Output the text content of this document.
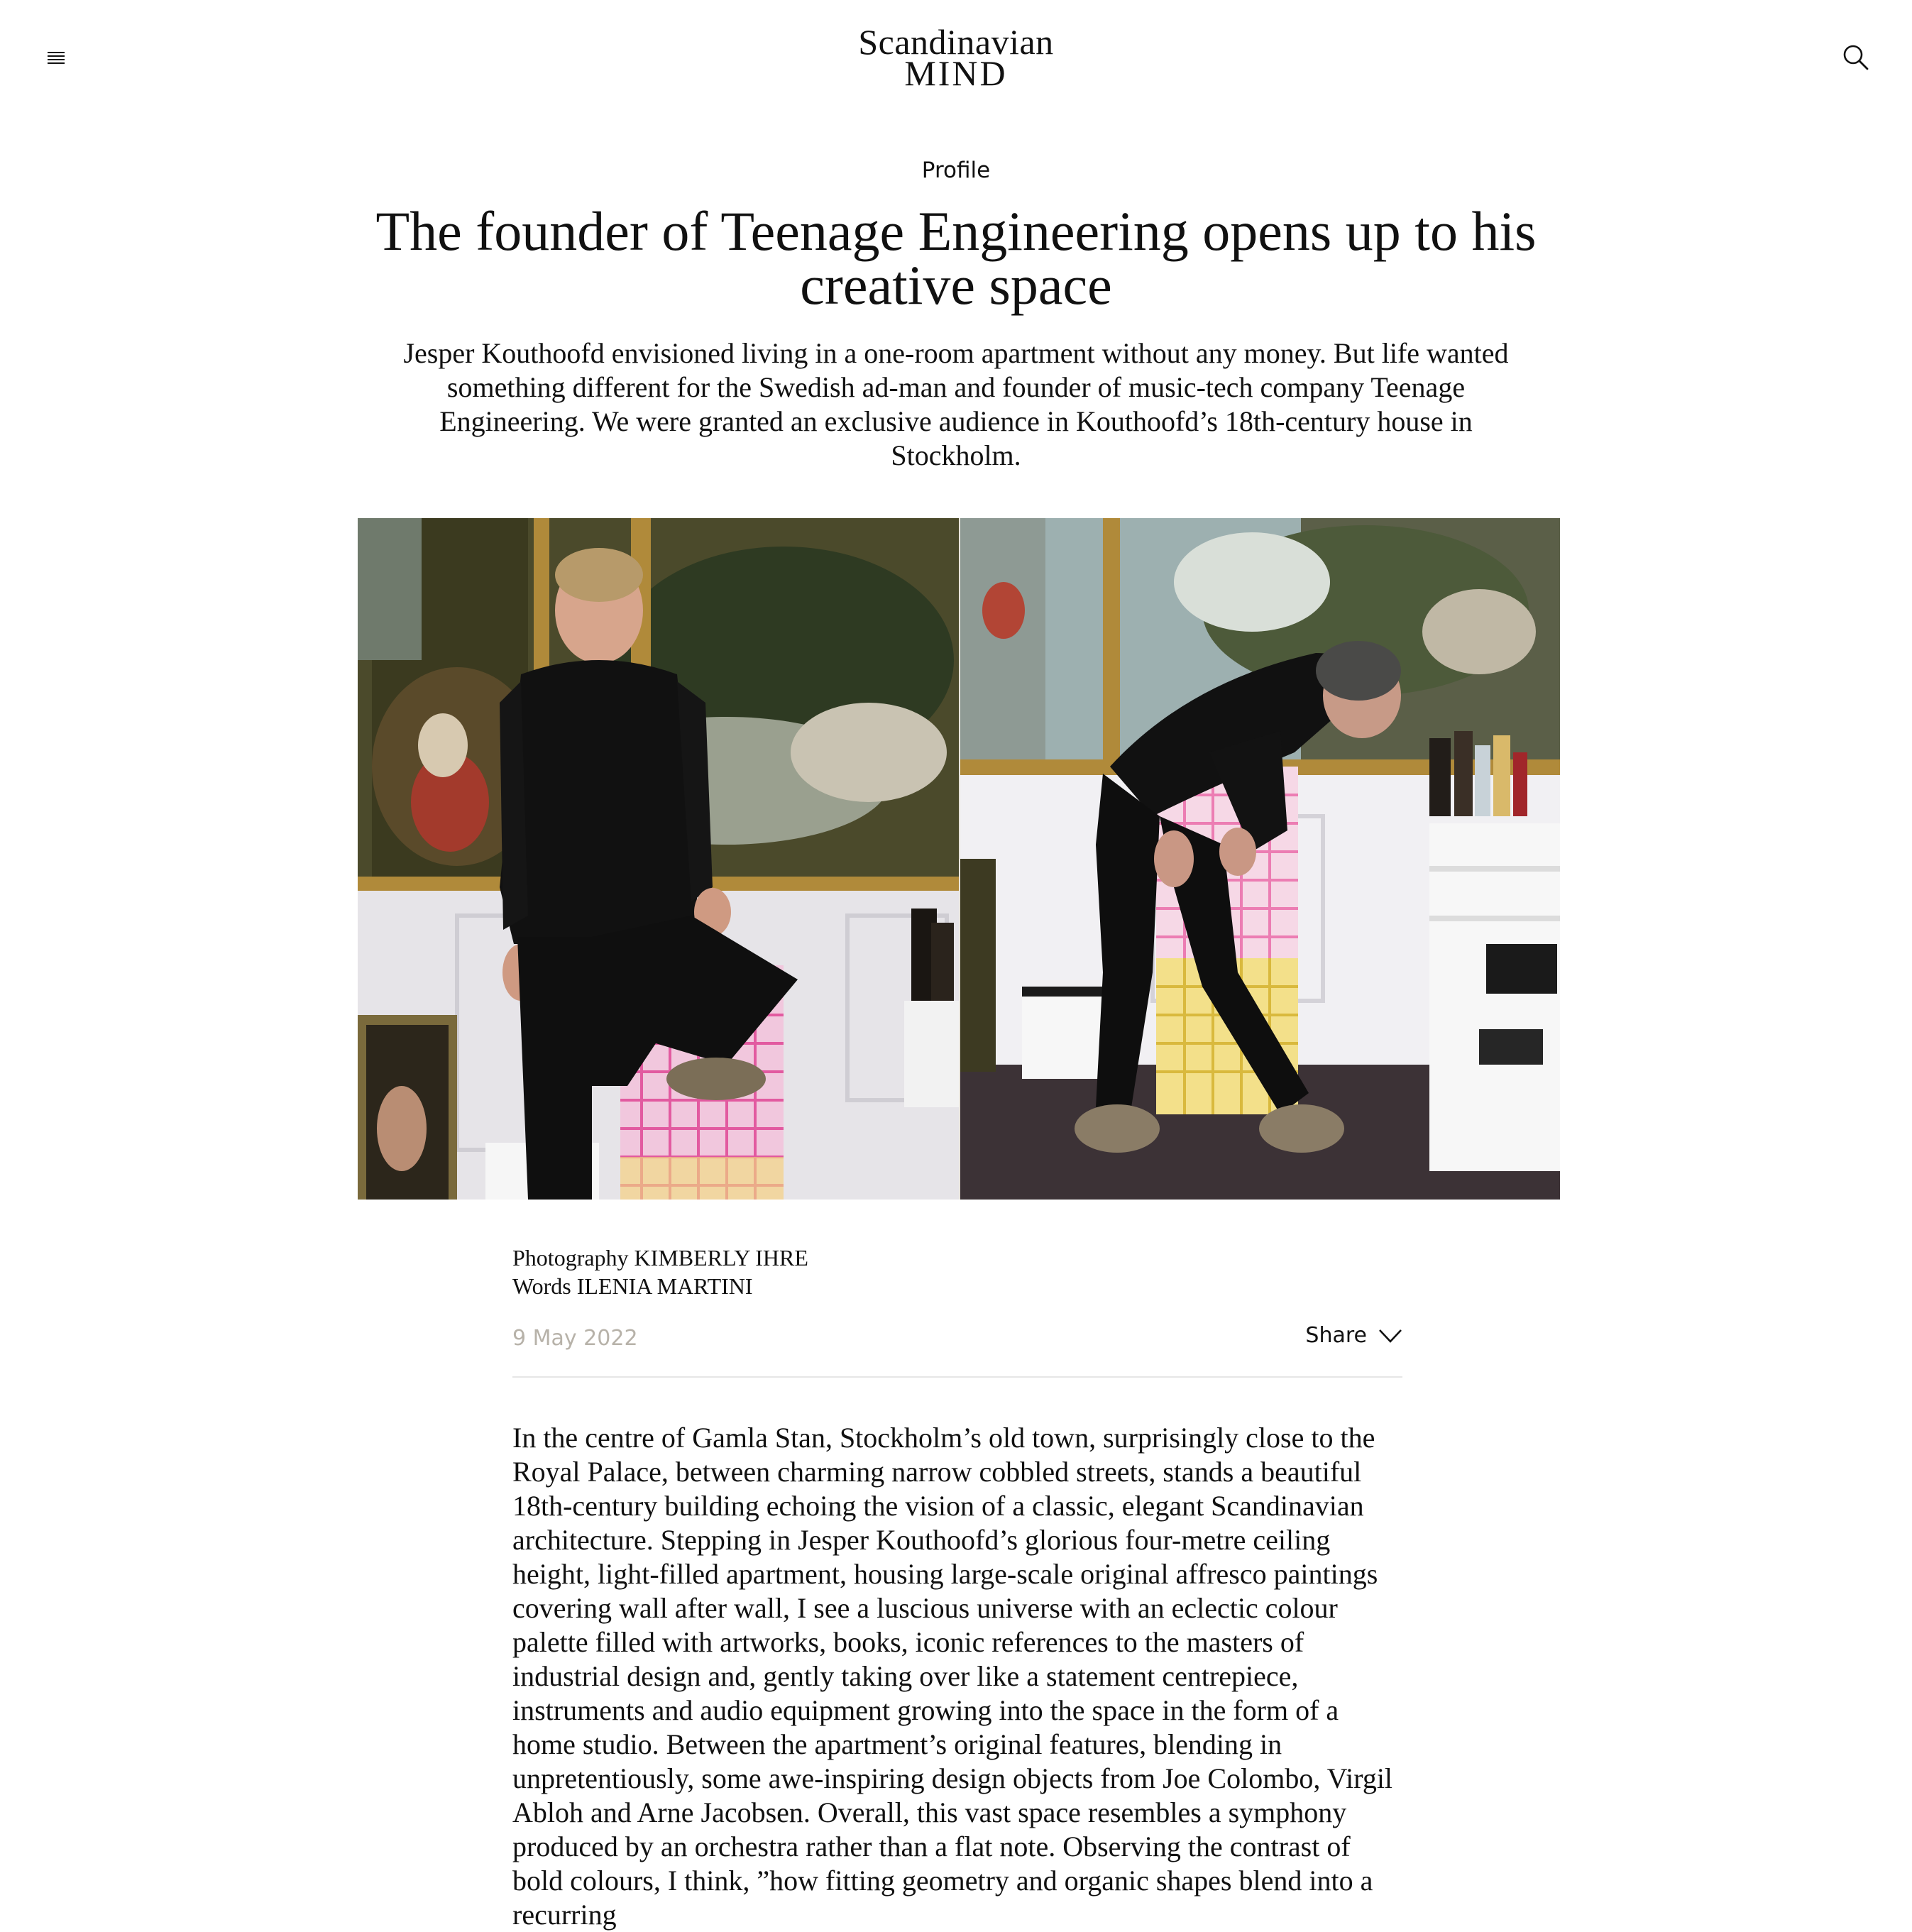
Scandinavian
MIND
Profile
The founder of Teenage Engineering opens up to his creative space

Jesper Kouthoofd envisioned living in a one-room apartment without any money. But life wanted something different for the Swedish ad-man and founder of music-tech company Teenage Engineering. We were granted an exclusive audience in Kouthoofd’s 18th-century house in Stockholm.

Photography KIMBERLY IHRE
Words ILENIA MARTINI
9 May 2022	Share

In the centre of Gamla Stan, Stockholm’s old town, surprisingly close to the Royal Palace, between charming narrow cobbled streets, stands a beautiful 18th-century building echoing the vision of a classic, elegant Scandinavian architecture. Stepping in Jesper Kouthoofd’s glorious four-metre ceiling height, light-filled apartment, housing large-scale original affresco paintings covering wall after wall, I see a luscious universe with an eclectic colour palette filled with artworks, books, iconic references to the masters of industrial design and, gently taking over like a statement centrepiece, instruments and audio equipment growing into the space in the form of a home studio. Between the apartment’s original features, blending in unpretentiously, some awe-inspiring design objects from Joe Colombo, Virgil Abloh and Arne Jacobsen. Overall, this vast space resembles a symphony produced by an orchestra rather than a flat note. Observing the contrast of bold colours, I think, ”how fitting geometry and organic shapes blend into a recurring
